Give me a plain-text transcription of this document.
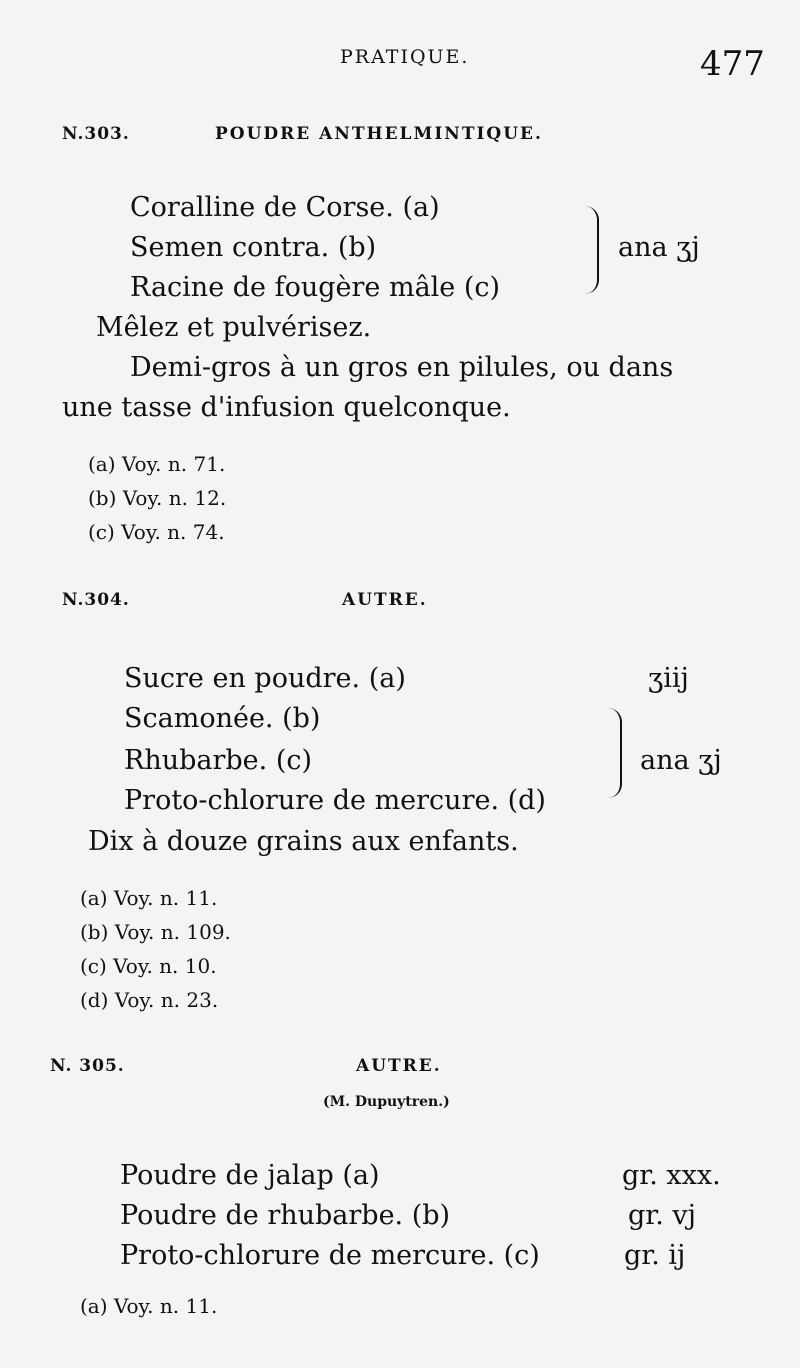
PRATIQUE.	477
N.303.	POUDRE ANTHELMINTIQUE.
Coralline de Corse. (a)
Semen contra. (b)
Racine de fougère mâle (c)
ana ʒj
Mêlez et pulvérisez.
Demi-gros à un gros en pilules, ou dans
une tasse d'infusion quelconque.
(a) Voy. n. 71.
(b) Voy. n. 12.
(c) Voy. n. 74.
N.304.	AUTRE.
Sucre en poudre. (a)	ʒiij
Scamonée. (b)
Rhubarbe. (c)
Proto-chlorure de mercure. (d)
ana ʒj
Dix à douze grains aux enfants.
(a) Voy. n. 11.
(b) Voy. n. 109.
(c) Voy. n. 10.
(d) Voy. n. 23.
N. 305.	AUTRE.
(M. Dupuytren.)
Poudre de jalap (a)	gr. xxx.
Poudre de rhubarbe. (b)	gr. vj
Proto-chlorure de mercure. (c)	gr. ij
(a) Voy. n. 11.
